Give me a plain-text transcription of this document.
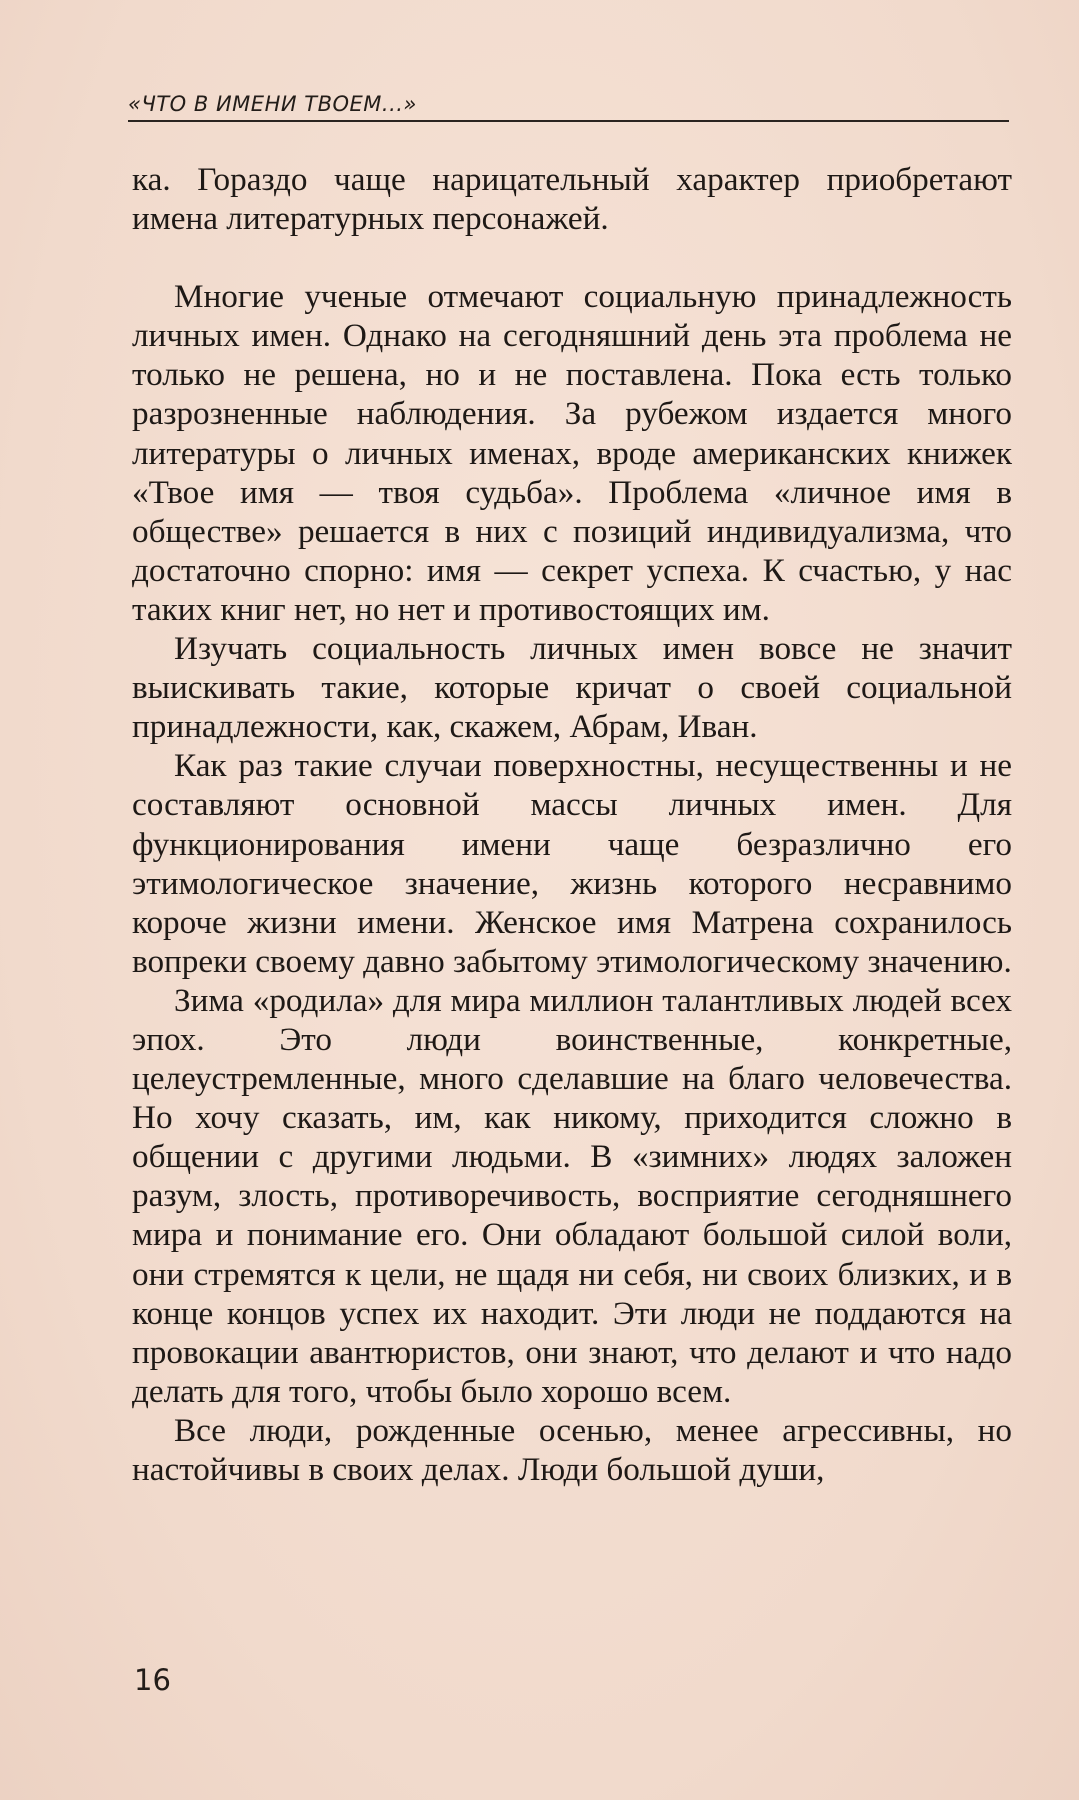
«ЧТО В ИМЕНИ ТВОЕМ...»

ка. Гораздо чаще нарицательный характер приобретают имена литературных персонажей.

Многие ученые отмечают социальную принадлежность личных имен. Однако на сегодняшний день эта проблема не только не решена, но и не поставлена. Пока есть только разрозненные наблюдения. За рубежом издается много литературы о личных именах, вроде американских книжек «Твое имя — твоя судьба». Проблема «личное имя в обществе» решается в них с позиций индивидуализма, что достаточно спорно: имя — секрет успеха. К счастью, у нас таких книг нет, но нет и противостоящих им.

Изучать социальность личных имен вовсе не значит выискивать такие, которые кричат о своей социальной принадлежности, как, скажем, Абрам, Иван.

Как раз такие случаи поверхностны, несущественны и не составляют основной массы личных имен. Для функционирования имени чаще безразлично его этимологическое значение, жизнь которого несравнимо короче жизни имени. Женское имя Матрена сохранилось вопреки своему давно забытому этимологическому значению.

Зима «родила» для мира миллион талантливых людей всех эпох. Это люди воинственные, конкретные, целеустремленные, много сделавшие на благо человечества. Но хочу сказать, им, как никому, приходится сложно в общении с другими людьми. В «зимних» людях заложен разум, злость, противоречивость, восприятие сегодняшнего мира и понимание его. Они обладают большой силой воли, они стремятся к цели, не щадя ни себя, ни своих близких, и в конце концов успех их находит. Эти люди не поддаются на провокации авантюристов, они знают, что делают и что надо делать для того, чтобы было хорошо всем.

Все люди, рожденные осенью, менее агрессивны, но настойчивы в своих делах. Люди большой души,

16
